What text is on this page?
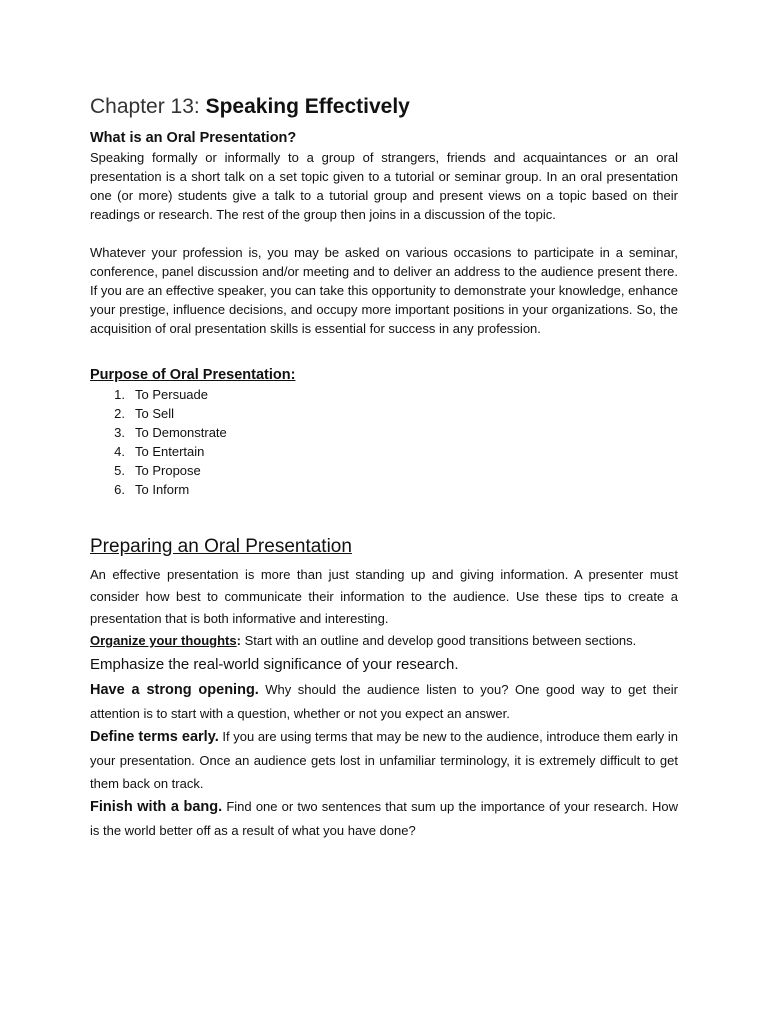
Chapter 13: Speaking Effectively
What is an Oral Presentation?

Speaking formally or informally to a group of strangers, friends and acquaintances or an oral presentation is a short talk on a set topic given to a tutorial or seminar group. In an oral presentation one (or more) students give a talk to a tutorial group and present views on a topic based on their readings or research. The rest of the group then joins in a discussion of the topic.

Whatever your profession is, you may be asked on various occasions to participate in a seminar, conference, panel discussion and/or meeting and to deliver an address to the audience present there. If you are an effective speaker, you can take this opportunity to demonstrate your knowledge, enhance your prestige, influence decisions, and occupy more important positions in your organizations. So, the acquisition of oral presentation skills is essential for success in any profession.

Purpose of Oral Presentation:
1. To Persuade
2. To Sell
3. To Demonstrate
4. To Entertain
5. To Propose
6. To Inform
Preparing an Oral Presentation

An effective presentation is more than just standing up and giving information. A presenter must consider how best to communicate their information to the audience. Use these tips to create a presentation that is both informative and interesting.

Organize your thoughts: Start with an outline and develop good transitions between sections.

Emphasize the real-world significance of your research.

Have a strong opening. Why should the audience listen to you? One good way to get their attention is to start with a question, whether or not you expect an answer.

Define terms early. If you are using terms that may be new to the audience, introduce them early in your presentation. Once an audience gets lost in unfamiliar terminology, it is extremely difficult to get them back on track.

Finish with a bang. Find one or two sentences that sum up the importance of your research. How is the world better off as a result of what you have done?
